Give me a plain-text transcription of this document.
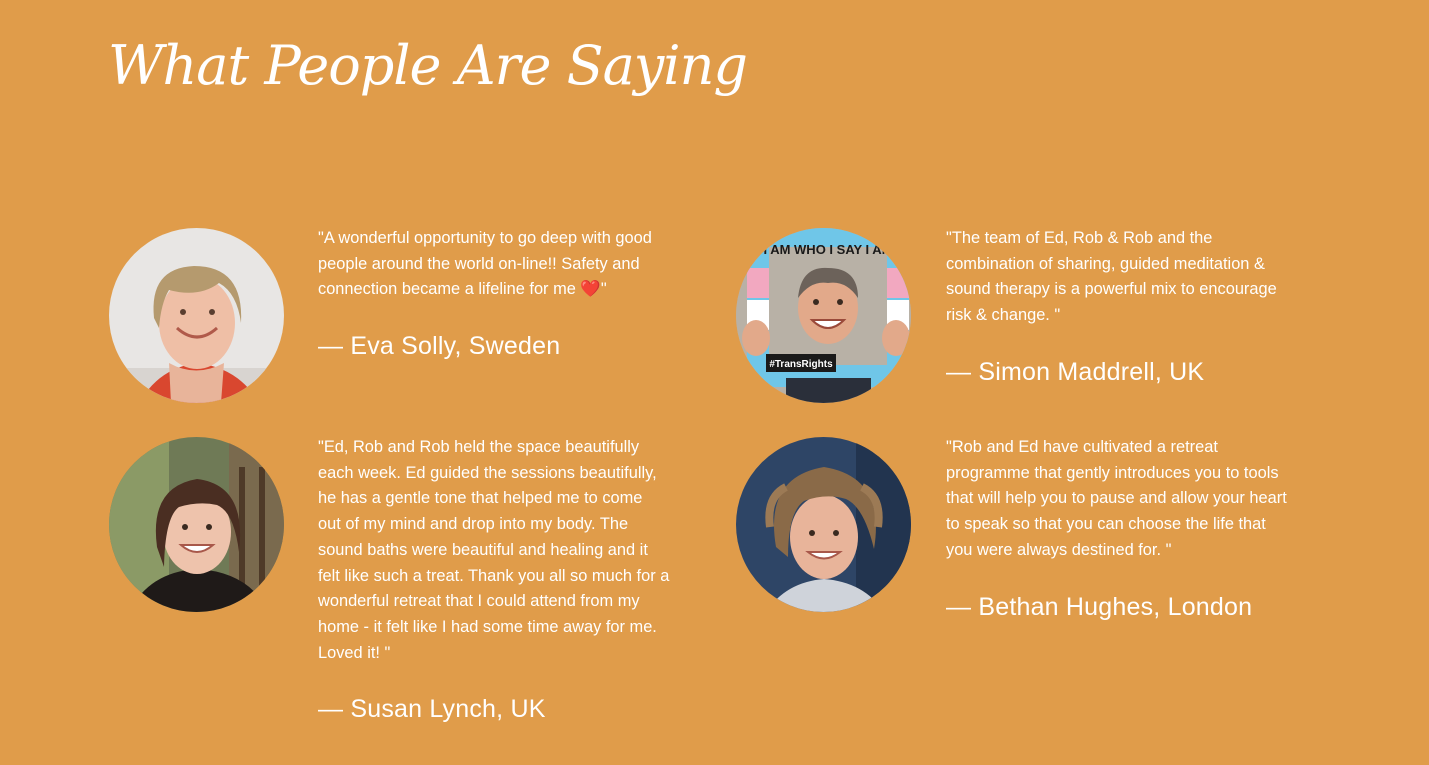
What People Are Saying
"A wonderful opportunity to go deep with good
people around the world on-line!! Safety and
connection became a lifeline for me ❤️"
— Eva Solly, Sweden
I AM WHO I SAY I AM
#TransRights
"The team of Ed, Rob & Rob and the
combination of sharing, guided meditation &
sound therapy is a powerful mix to encourage
risk & change. "
— Simon Maddrell, UK
"Ed, Rob and Rob held the space beautifully
each week. Ed guided the sessions beautifully,
he has a gentle tone that helped me to come
out of my mind and drop into my body. The
sound baths were beautiful and healing and it
felt like such a treat. Thank you all so much for a
wonderful retreat that I could attend from my
home - it felt like I had some time away for me.
Loved it! "
— Susan Lynch, UK
"Rob and Ed have cultivated a retreat
programme that gently introduces you to tools
that will help you to pause and allow your heart
to speak so that you can choose the life that
you were always destined for. "
— Bethan Hughes, London
